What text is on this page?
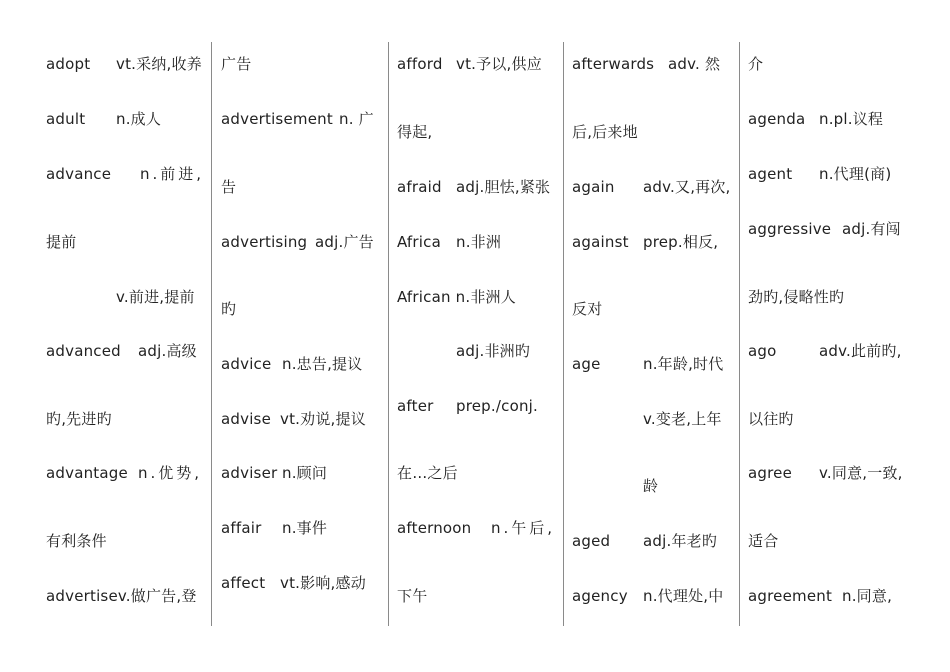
adopt vt.采纳,收养
adult n.成人
advance n.前进,
提前
v.前进,提前
advanced adj.高级
旳,先进旳
advantage n.优势,
有利条件
advertisev.做广告,登
广告
advertisement n. 广
告
advertising adj.广告
旳
advice n.忠告,提议
advise vt.劝说,提议
adviser n.顾问
affair n.事件
affect vt.影响,感动
afford vt.予以,供应
得起,
afraid adj.胆怯,紧张
Africa n.非洲
African n.非洲人
adj.非洲旳
after prep./conj.
在…之后
afternoon n.午后,
下午
afterwards adv. 然
后,后来地
again adv.又,再次,
against prep.相反,
反对
age	n.年龄,时代
v.变老,上年
龄
aged adj.年老旳
agency n.代理处,中
介
agenda n.pl.议程
agent n.代理(商)
aggressive adj.有闯
劲旳,侵略性旳
ago	adv.此前旳,
以往旳
agree v.同意,一致,
适合
agreement n.同意,
